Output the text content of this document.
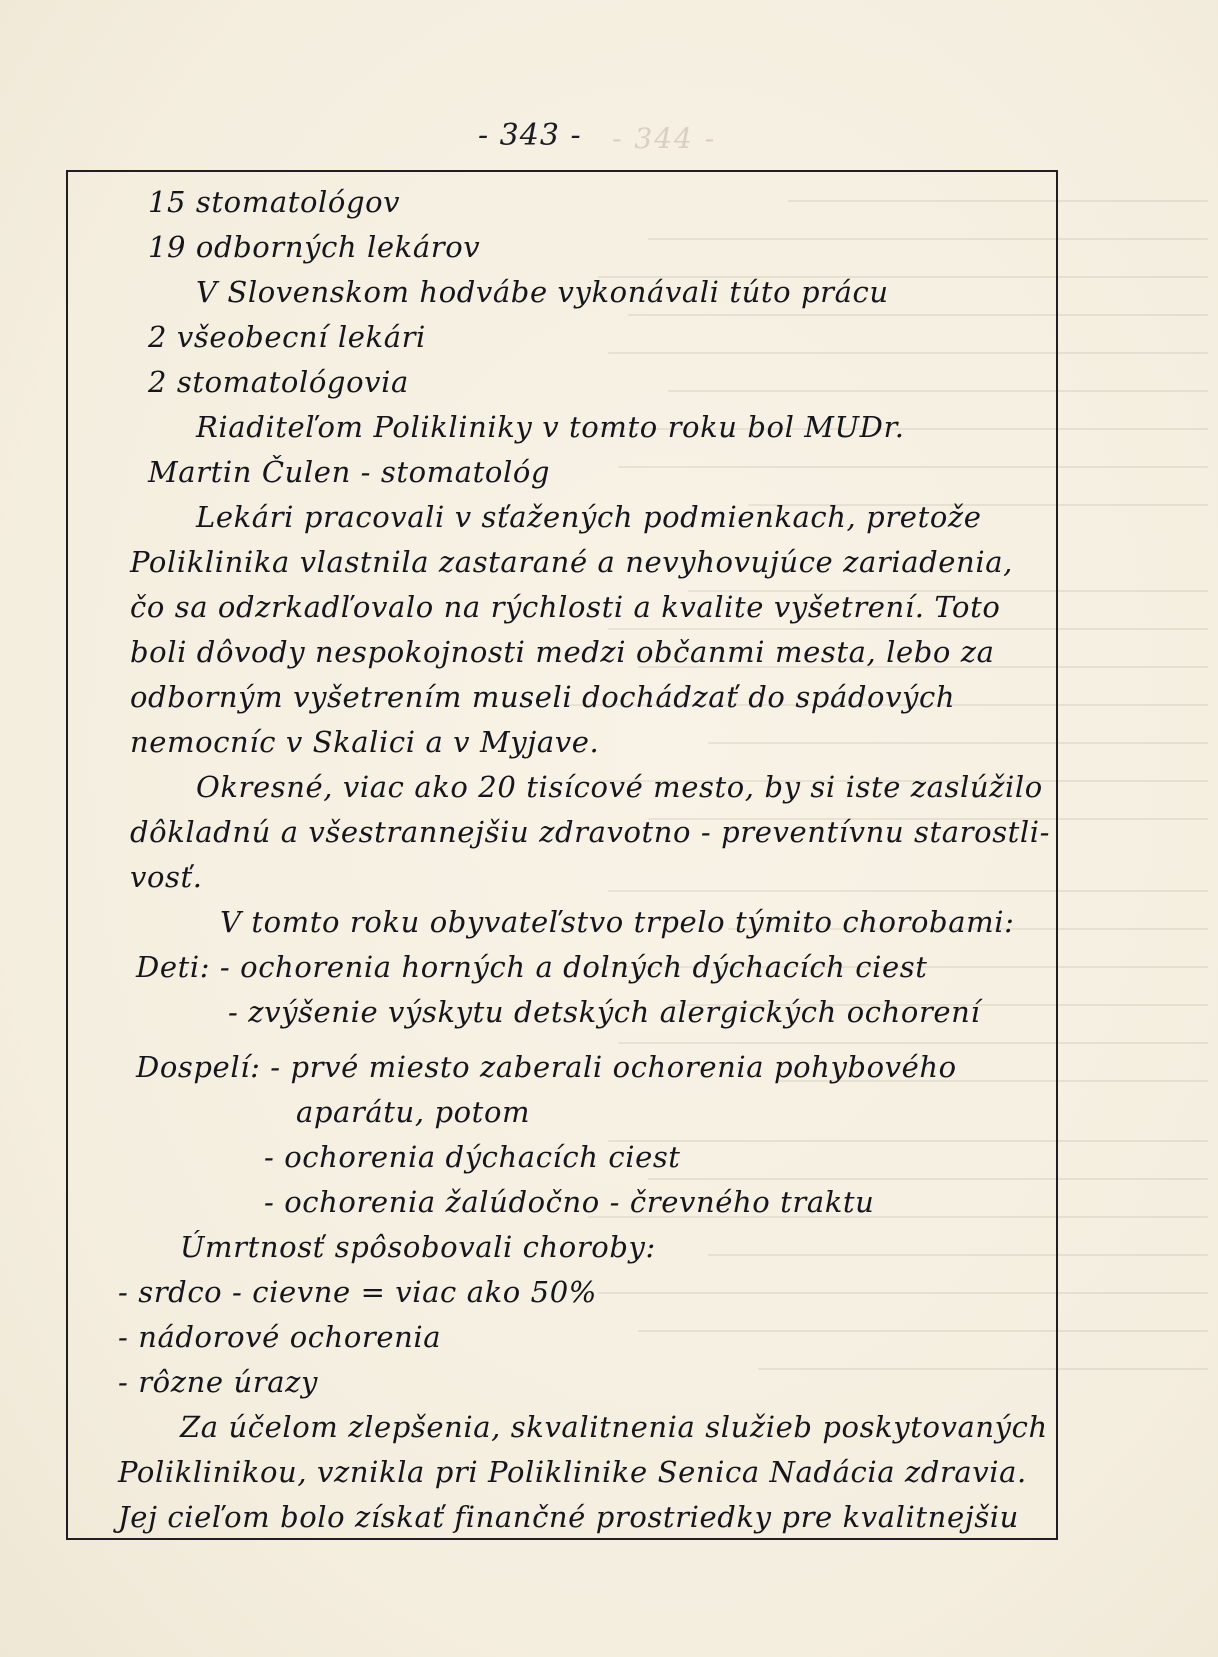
- 344 -
- 343 -
15 stomatológov
19 odborných lekárov
V Slovenskom hodvábe vykonávali túto prácu
2 všeobecní lekári
2 stomatológovia
Riaditeľom Polikliniky v tomto roku bol MUDr.
Martin Čulen - stomatológ
Lekári pracovali v sťažených podmienkach, pretože
Poliklinika vlastnila zastarané a nevyhovujúce zariadenia,
čo sa odzrkadľovalo na rýchlosti a kvalite vyšetrení. Toto
boli dôvody nespokojnosti medzi občanmi mesta, lebo za
odborným vyšetrením museli dochádzať do spádových
nemocníc v Skalici a v Myjave.
Okresné, viac ako 20 tisícové mesto, by si iste zaslúžilo
dôkladnú a všestrannejšiu zdravotno - preventívnu starostli-
vosť.
V tomto roku obyvateľstvo trpelo týmito chorobami:
Deti: - ochorenia horných a dolných dýchacích ciest
- zvýšenie výskytu detských alergických ochorení
Dospelí: - prvé miesto zaberali ochorenia pohybového
aparátu, potom
- ochorenia dýchacích ciest
- ochorenia žalúdočno - črevného traktu
Úmrtnosť spôsobovali choroby:
- srdco - cievne = viac ako 50%
- nádorové ochorenia
- rôzne úrazy
Za účelom zlepšenia, skvalitnenia služieb poskytovaných
Poliklinikou, vznikla pri Poliklinike Senica Nadácia zdravia.
Jej cieľom bolo získať finančné prostriedky pre kvalitnejšiu
